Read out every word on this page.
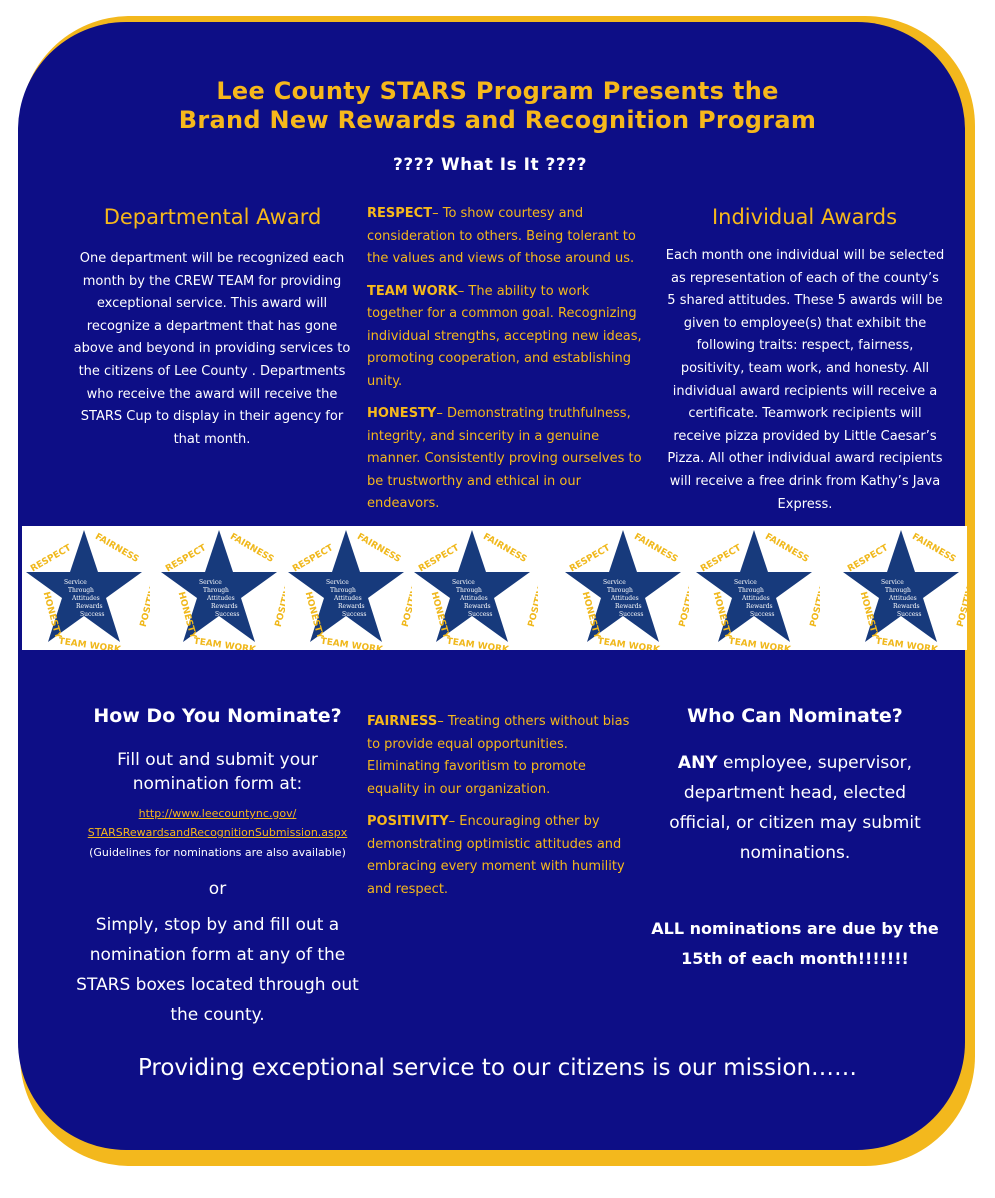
Lee County STARS Program Presents the
Brand New Rewards and Recognition Program
???? What Is It ????
Departmental Award
One department will be recognized each month by the CREW TEAM for providing exceptional service. This award will recognize a department that has gone above and beyond in providing services to the citizens of Lee County . Departments who receive the award will receive the STARS Cup to display in their agency for that month.

RESPECT– To show courtesy and consideration to others. Being tolerant to the values and views of those around us.

TEAM WORK– The ability to work together for a common goal. Recognizing individual strengths, accepting new ideas, promoting cooperation, and establishing unity.

HONESTY– Demonstrating truthfulness, integrity, and sincerity in a genuine manner. Consistently proving ourselves to be trustworthy and ethical in our endeavors.

Individual Awards
Each month one individual will be selected as representation of each of the county’s 5 shared attitudes. These 5 awards will be given to employee(s) that exhibit the following traits: respect, fairness, positivity, team work, and honesty. All individual award recipients will receive a certificate. Teamwork recipients will receive pizza provided by Little Caesar’s Pizza. All other individual award recipients will receive a free drink from Kathy’s Java Express.
How Do You Nominate?
Fill out and submit your nomination form at:
http://www.leecountync.gov/
STARSRewardsandRecognitionSubmission.aspx
(Guidelines for nominations are also available)
or
Simply, stop by and fill out a nomination form at any of the STARS boxes located through out the county.

FAIRNESS– Treating others without bias to provide equal opportunities. Eliminating favoritism to promote equality in our organization.

POSITIVITY– Encouraging other by demonstrating optimistic attitudes and embracing every moment with humility and respect.

Who Can Nominate?
ANY employee, supervisor, department head, elected official, or citizen may submit nominations.
ALL nominations are due by the 15th of each month!!!!!!!
Providing exceptional service to our citizens is our mission……
